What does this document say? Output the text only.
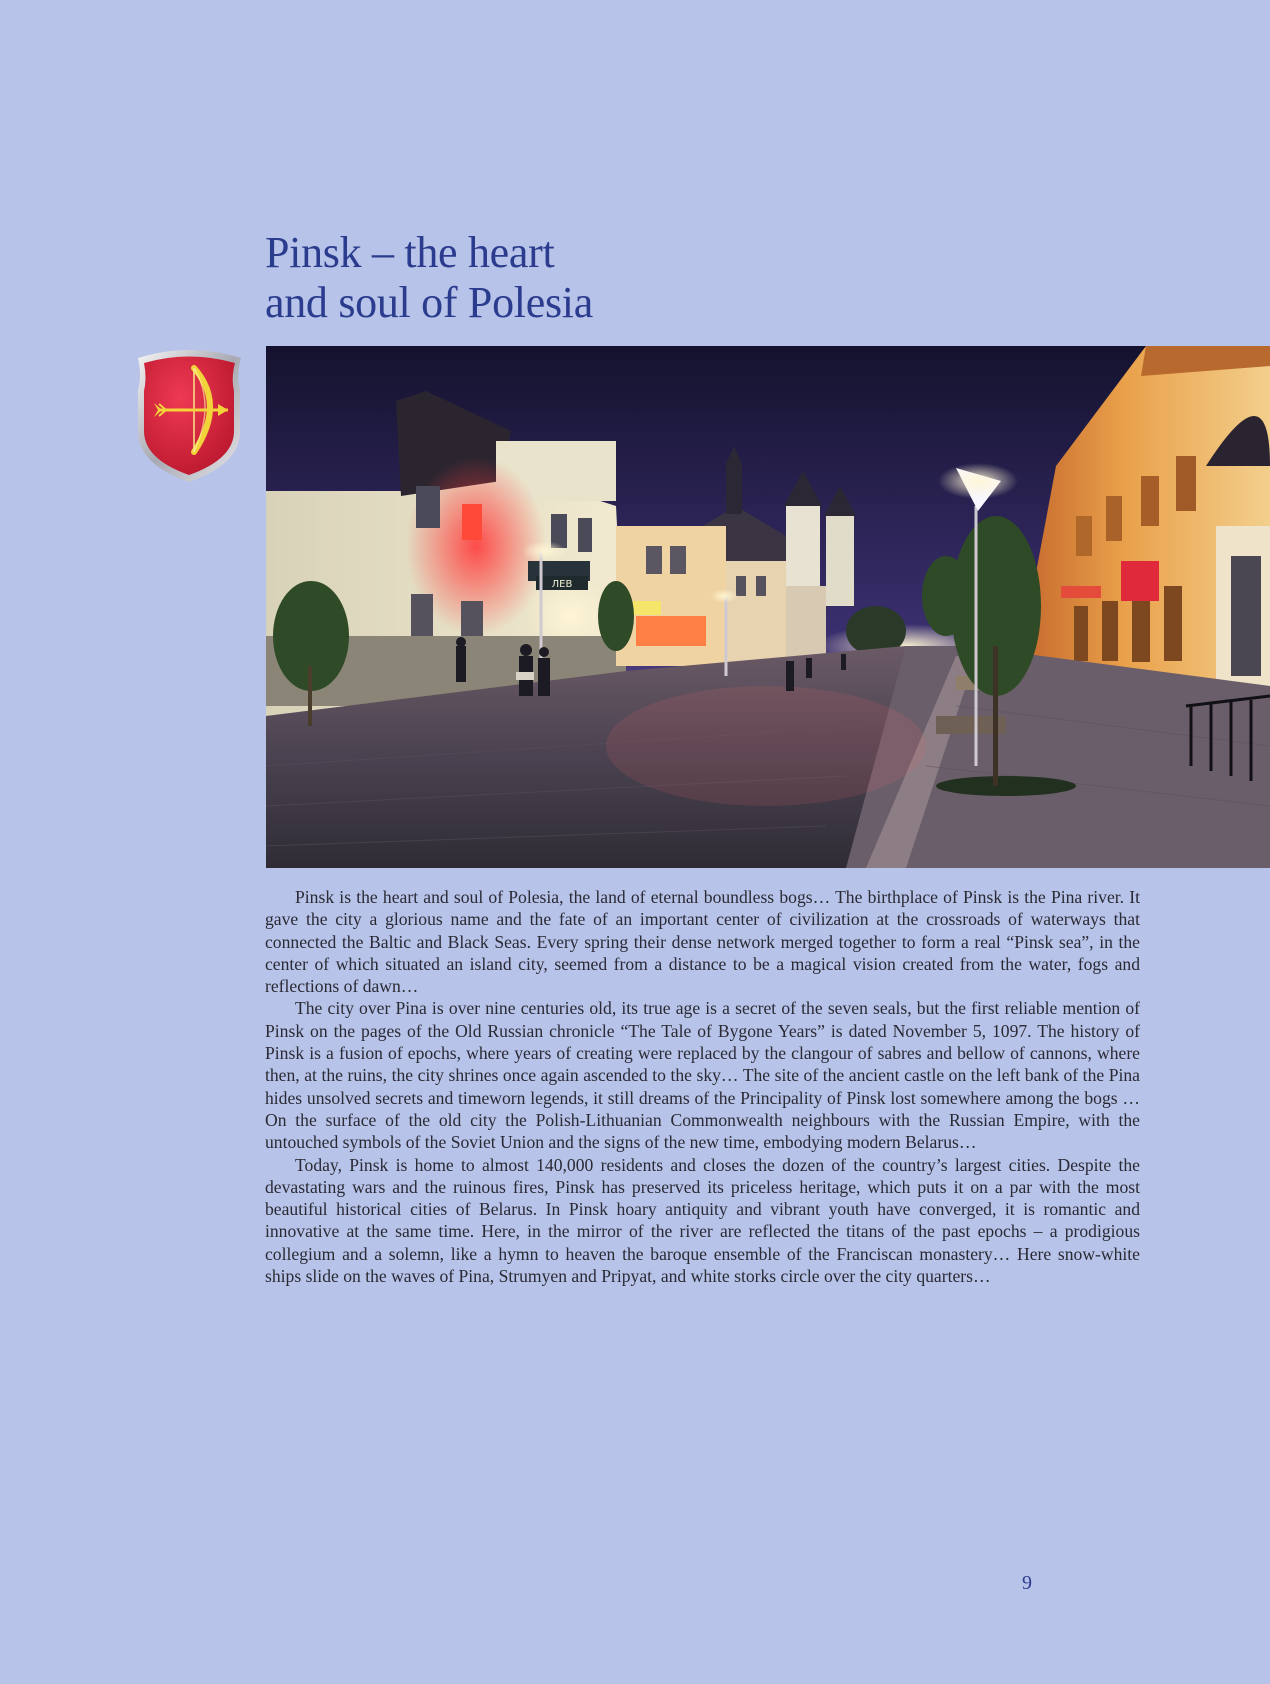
Pinsk – the heart
and soul of Polesia
ЛЕВ

Pinsk is the heart and soul of Polesia, the land of eternal boundless bogs… The birthplace of Pinsk is the Pina river. It gave the city a glorious name and the fate of an important center of civilization at the crossroads of waterways that connected the Baltic and Black Seas. Every spring their dense network merged together to form a real “Pinsk sea”, in the center of which situated an island city, seemed from a distance to be a magical vision created from the water, fogs and reflections of dawn…

The city over Pina is over nine centuries old, its true age is a secret of the seven seals, but the first reliable mention of Pinsk on the pages of the Old Russian chronicle “The Tale of Bygone Years” is dated November 5, 1097. The history of Pinsk is a fusion of epochs, where years of creating were replaced by the clangour of sabres and bellow of cannons, where then, at the ruins, the city shrines once again ascended to the sky… The site of the ancient castle on the left bank of the Pina hides unsolved secrets and timeworn legends, it still dreams of the Principality of Pinsk lost somewhere among the bogs … On the surface of the old city the Polish-Lithuanian Commonwealth neighbours with the Russian Empire, with the untouched symbols of the Soviet Union and the signs of the new time, embodying modern Belarus…

Today, Pinsk is home to almost 140,000 residents and closes the dozen of the country’s largest cities. Despite the devastating wars and the ruinous fires, Pinsk has preserved its priceless heritage, which puts it on a par with the most beautiful historical cities of Belarus. In Pinsk hoary antiquity and vibrant youth have converged, it is romantic and innovative at the same time. Here, in the mirror of the river are reflected the titans of the past epochs – a prodigious collegium and a solemn, like a hymn to heaven the baroque ensemble of the Franciscan monastery… Here snow-white ships slide on the waves of Pina, Strumyen and Pripyat, and white storks circle over the city quarters…

9
